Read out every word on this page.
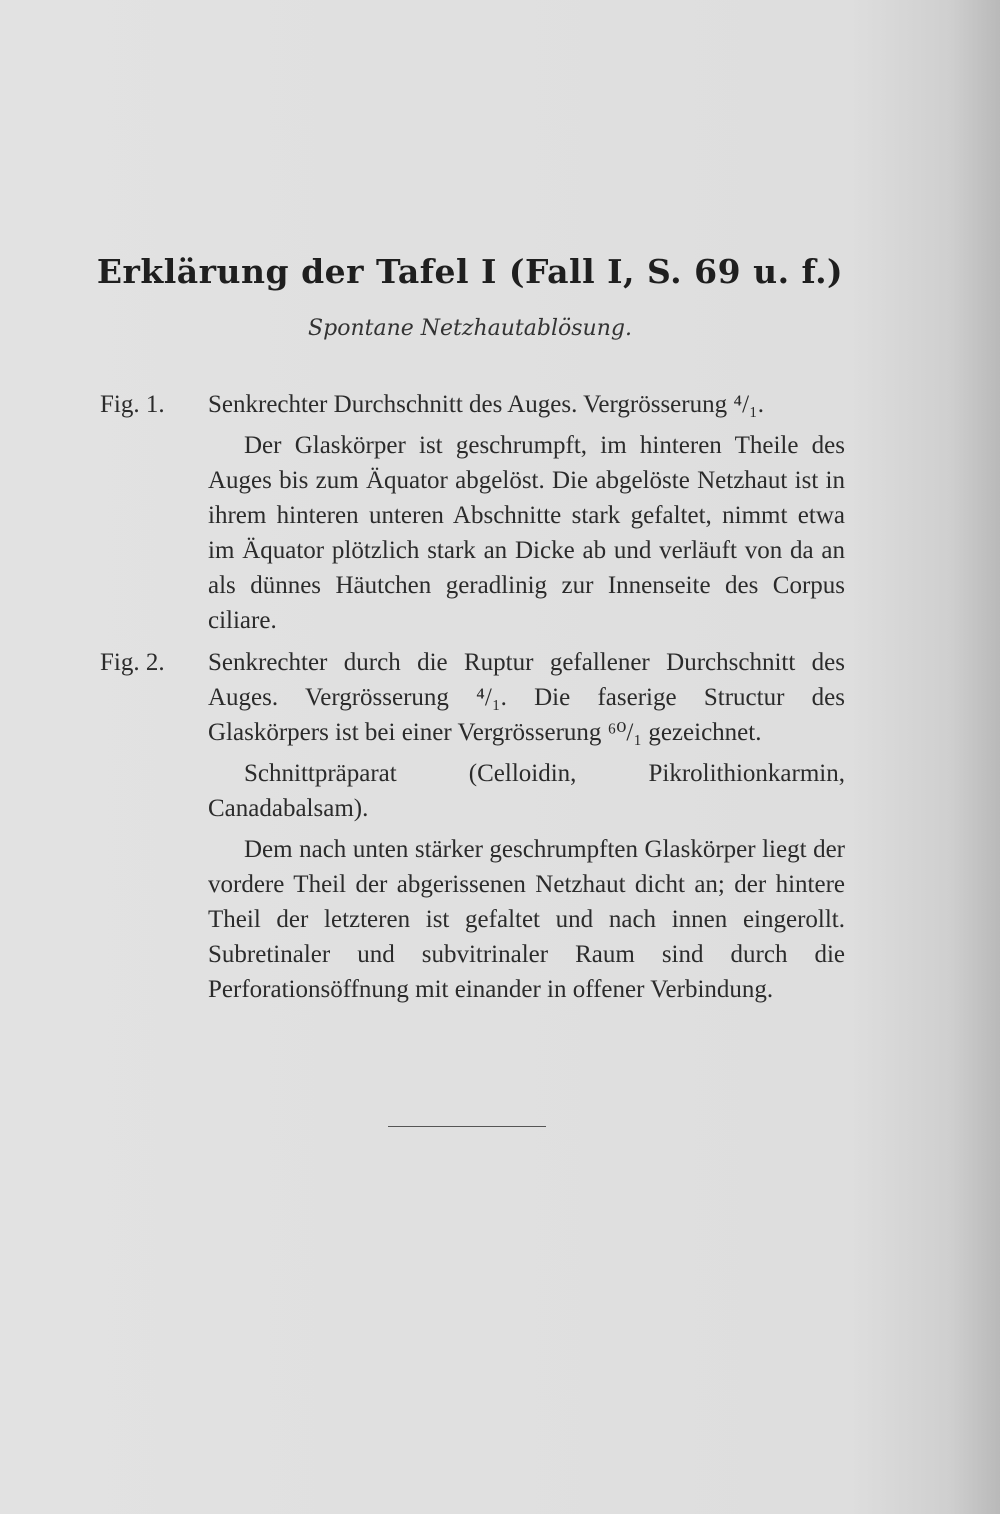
Erklärung der Tafel I (Fall I, S. 69 u. f.)
Spontane Netzhautablösung.
Fig. 1.	Senkrechter Durchschnitt des Auges. Vergrösserung ⁴/₁.

Der Glaskörper ist geschrumpft, im hinteren Theile des Auges bis zum Äquator abgelöst. Die abgelöste Netzhaut ist in ihrem hinteren unteren Abschnitte stark gefaltet, nimmt etwa im Äquator plötzlich stark an Dicke ab und verläuft von da an als dünnes Häutchen geradlinig zur Innenseite des Corpus ciliare.

Fig. 2.	Senkrechter durch die Ruptur gefallener Durchschnitt des Auges. Vergrösserung ⁴/₁. Die faserige Structur des Glaskörpers ist bei einer Vergrösserung ⁶⁰/₁ gezeichnet.

Schnittpräparat (Celloidin, Pikrolithionkarmin, Canadabalsam).

Dem nach unten stärker geschrumpften Glaskörper liegt der vordere Theil der abgerissenen Netzhaut dicht an; der hintere Theil der letzteren ist gefaltet und nach innen eingerollt. Subretinaler und subvitrinaler Raum sind durch die Perforationsöffnung mit einander in offener Verbindung.
